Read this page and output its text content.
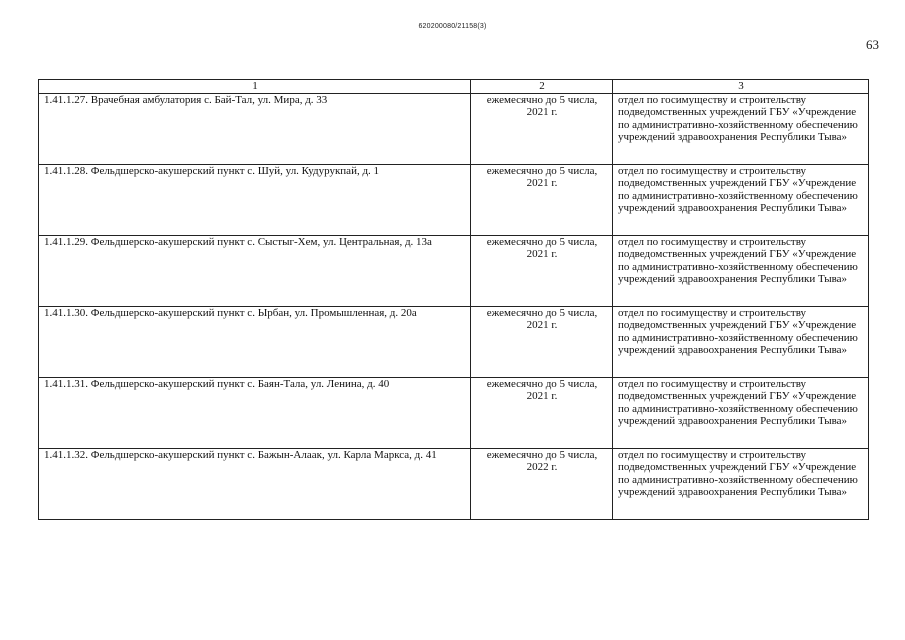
620200080/21158(3)
63
1	2	3
1.41.1.27. Врачебная амбулатория с. Бай-Тал, ул. Мира, д. 33	ежемесячно до 5 числа, 2021 г.	отдел по госимуществу и строительству подведомственных учреждений ГБУ «Учреждение по административно-хозяйственному обеспечению учреждений здравоохранения Республики Тыва»
1.41.1.28. Фельдшерско-акушерский пункт с. Шуй, ул. Кудурукпай, д. 1	ежемесячно до 5 числа, 2021 г.	отдел по госимуществу и строительству подведомственных учреждений ГБУ «Учреждение по административно-хозяйственному обеспечению учреждений здравоохранения Республики Тыва»
1.41.1.29. Фельдшерско-акушерский пункт с. Сыстыг-Хем, ул. Центральная, д. 13а	ежемесячно до 5 числа, 2021 г.	отдел по госимуществу и строительству подведомственных учреждений ГБУ «Учреждение по административно-хозяйственному обеспечению учреждений здравоохранения Республики Тыва»
1.41.1.30. Фельдшерско-акушерский пункт с. Ырбан, ул. Промышленная, д. 20а	ежемесячно до 5 числа, 2021 г.	отдел по госимуществу и строительству подведомственных учреждений ГБУ «Учреждение по административно-хозяйственному обеспечению учреждений здравоохранения Республики Тыва»
1.41.1.31. Фельдшерско-акушерский пункт с. Баян-Тала, ул. Ленина, д. 40	ежемесячно до 5 числа, 2021 г.	отдел по госимуществу и строительству подведомственных учреждений ГБУ «Учреждение по административно-хозяйственному обеспечению учреждений здравоохранения Республики Тыва»
1.41.1.32. Фельдшерско-акушерский пункт с. Бажын-Алаак, ул. Карла Маркса, д. 41	ежемесячно до 5 числа, 2022 г.	отдел по госимуществу и строительству подведомственных учреждений ГБУ «Учреждение по административно-хозяйственному обеспечению учреждений здравоохранения Республики Тыва»
